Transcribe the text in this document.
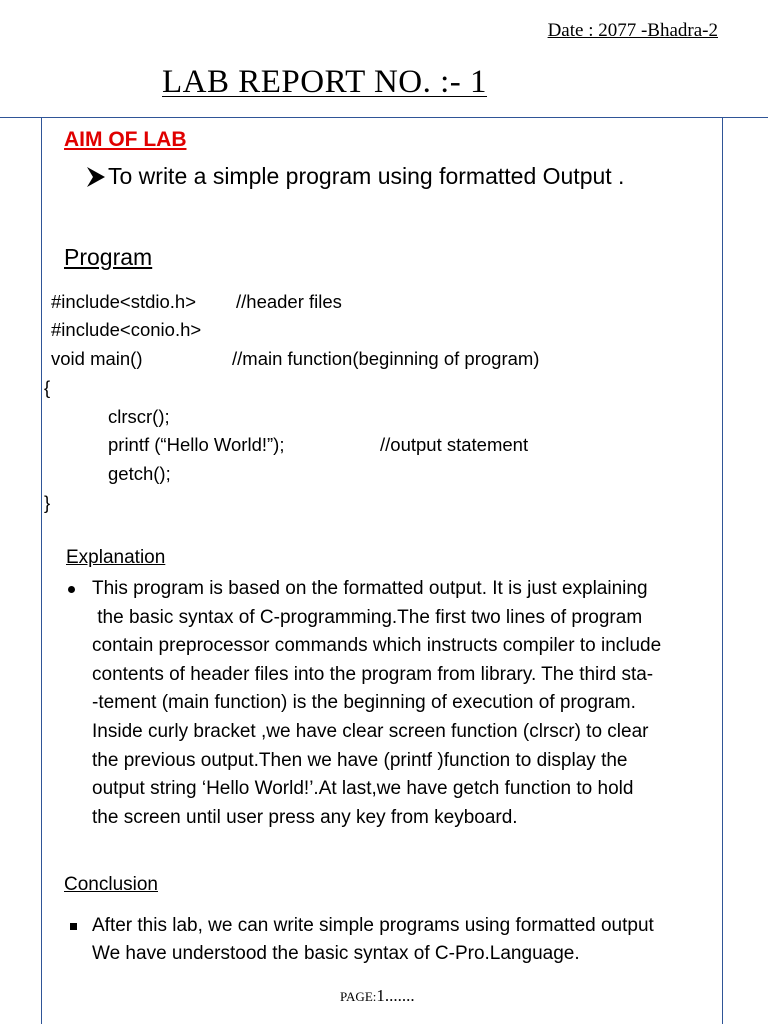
Date : 2077 -Bhadra-2
LAB REPORT NO. :- 1
AIM OF LAB
To write a simple program using formatted Output .
Program
#include<stdio.h> //header files
#include<conio.h>
void main()	//main function(beginning of program)
{
clrscr();
printf (“Hello World!”);	//output statement
getch();
}
Explanation
This program is based on the formatted output. It is just explaining
the basic syntax of C-programming.The first two lines of program
contain preprocessor commands which instructs compiler to include
contents of header files into the program from library. The third sta-
-tement (main function) is the beginning of execution of program.
Inside curly bracket ,we have clear screen function (clrscr) to clear
the previous output.Then we have (printf )function to display the
output string ‘Hello World!’.At last,we have getch function to hold
the screen until user press any key from keyboard.
Conclusion
After this lab, we can write simple programs using formatted output
We have understood the basic syntax of C-Pro.Language.
PAGE:1.......
